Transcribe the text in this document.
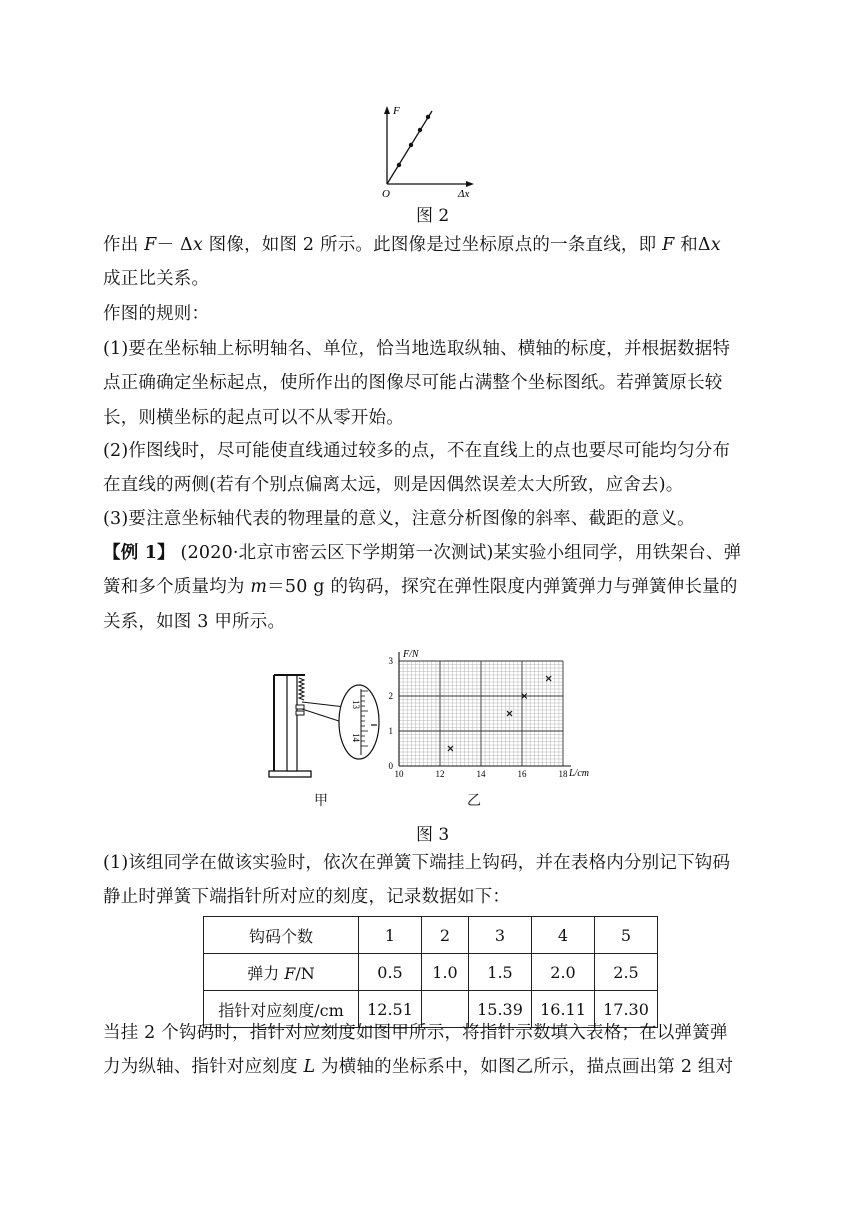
F
O	Δx
图 2

作出 F－ Δx 图像，如图 2 所示。此图像是过坐标原点的一条直线，即 F 和Δx 成正比关系。

作图的规则：

(1)要在坐标轴上标明轴名、单位，恰当地选取纵轴、横轴的标度，并根据数据特点正确确定坐标起点，使所作出的图像尽可能占满整个坐标图纸。若弹簧原长较长，则横坐标的起点可以不从零开始。

(2)作图线时，尽可能使直线通过较多的点，不在直线上的点也要尽可能均匀分布在直线的两侧(若有个别点偏离太远，则是因偶然误差太大所致，应舍去)。

(3)要注意坐标轴代表的物理量的意义，注意分析图像的斜率、截距的意义。

【例 1】 (2020·北京市密云区下学期第一次测试)某实验小组同学，用铁架台、弹簧和多个质量均为 m＝50 g 的钩码，探究在弹性限度内弹簧弹力与弹簧伸长量的关系，如图 3 甲所示。

13
14
0
1
2
3
10	12	14	16	18
F/N
L/cm
甲	乙
图 3

(1)该组同学在做该实验时，依次在弹簧下端挂上钩码，并在表格内分别记下钩码静止时弹簧下端指针所对应的刻度，记录数据如下：

钩码个数	1	2	3	4	5
弹力 F/N	0.5	1.0	1.5	2.0	2.5
指针对应刻度/cm	12.51		15.39	16.11	17.30

当挂 2 个钩码时，指针对应刻度如图甲所示，将指针示数填入表格；在以弹簧弹力为纵轴、指针对应刻度 L 为横轴的坐标系中，如图乙所示，描点画出第 2 组对
